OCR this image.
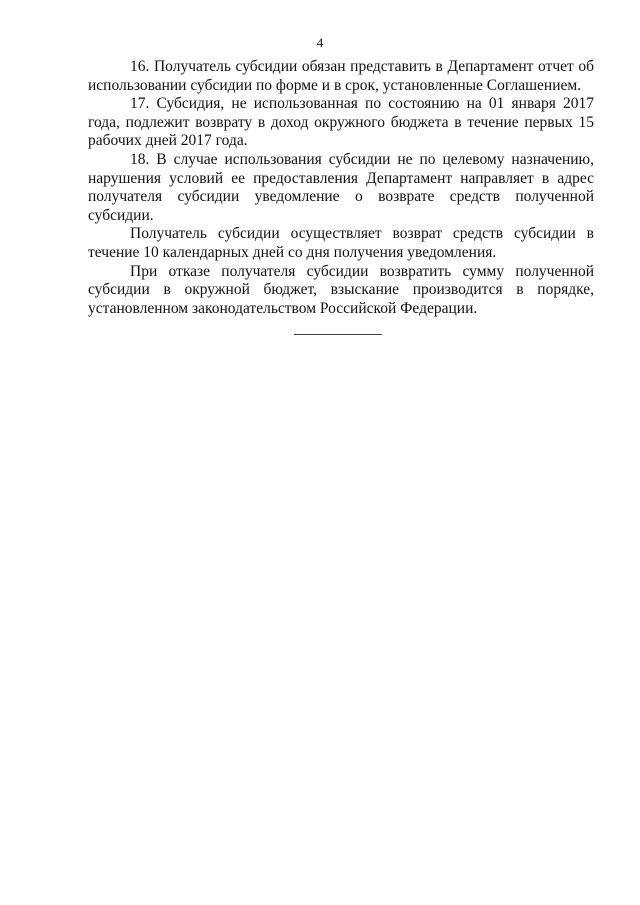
4

16. Получатель субсидии обязан представить в Департамент отчет об использовании субсидии по форме и в срок, установленные Соглашением.

17. Субсидия, не использованная по состоянию на 01 января 2017 года, подлежит возврату в доход окружного бюджета в течение первых 15 рабочих дней 2017 года.

18. В случае использования субсидии не по целевому назначению, нарушения условий ее предоставления Департамент направляет в адрес получателя субсидии уведомление о возврате средств полученной субсидии.

Получатель субсидии осуществляет возврат средств субсидии в течение 10 календарных дней со дня получения уведомления.

При отказе получателя субсидии возвратить сумму полученной субсидии в окружной бюджет, взыскание производится в порядке, установленном законодательством Российской Федерации.
